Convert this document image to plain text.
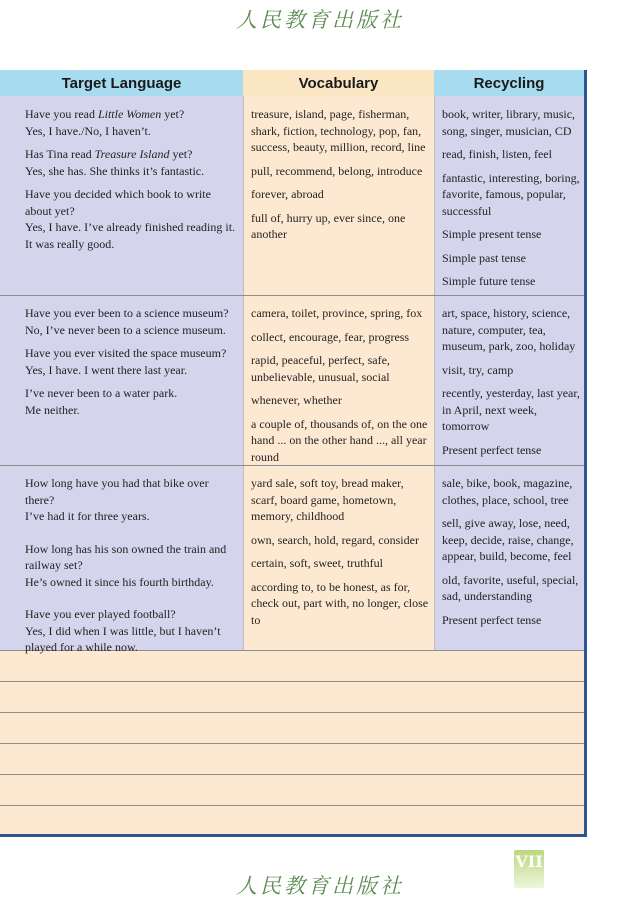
人民教育出版社
Target Language	Vocabulary	Recycling

Have you read Little Women yet?
Yes, I have./No, I haven’t.

Has Tina read Treasure Island yet?
Yes, she has. She thinks it’s fantastic.

Have you decided which book to write about yet?
Yes, I have. I’ve already finished reading it. It was really good.

treasure, island, page, fisherman, shark, fiction, technology, pop, fan, success, beauty, million, record, line

pull, recommend, belong, introduce

forever, abroad

full of, hurry up, ever since, one another

book, writer, library, music, song, singer, musician, CD

read, finish, listen, feel

fantastic, interesting, boring, favorite, famous, popular, successful

Simple present tense

Simple past tense

Simple future tense

Have you ever been to a science museum?
No, I’ve never been to a science museum.

Have you ever visited the space museum?
Yes, I have. I went there last year.

I’ve never been to a water park.
Me neither.

camera, toilet, province, spring, fox

collect, encourage, fear, progress

rapid, peaceful, perfect, safe, unbelievable, unusual, social

whenever, whether

a couple of, thousands of, on the one hand ... on the other hand ..., all year round

art, space, history, science, nature, computer, tea, museum, park, zoo, holiday

visit, try, camp

recently, yesterday, last year, in April, next week, tomorrow

Present perfect tense

How long have you had that bike over there?
I’ve had it for three years.

How long has his son owned the train and railway set?
He’s owned it since his fourth birthday.

Have you ever played football?
Yes, I did when I was little, but I haven’t played for a while now.

yard sale, soft toy, bread maker, scarf, board game, hometown, memory, childhood

own, search, hold, regard, consider

certain, soft, sweet, truthful

according to, to be honest, as for, check out, part with, no longer, close to

sale, bike, book, magazine, clothes, place, school, tree

sell, give away, lose, need, keep, decide, raise, change, appear, build, become, feel

old, favorite, useful, special, sad, understanding

Present perfect tense

VII
人民教育出版社
